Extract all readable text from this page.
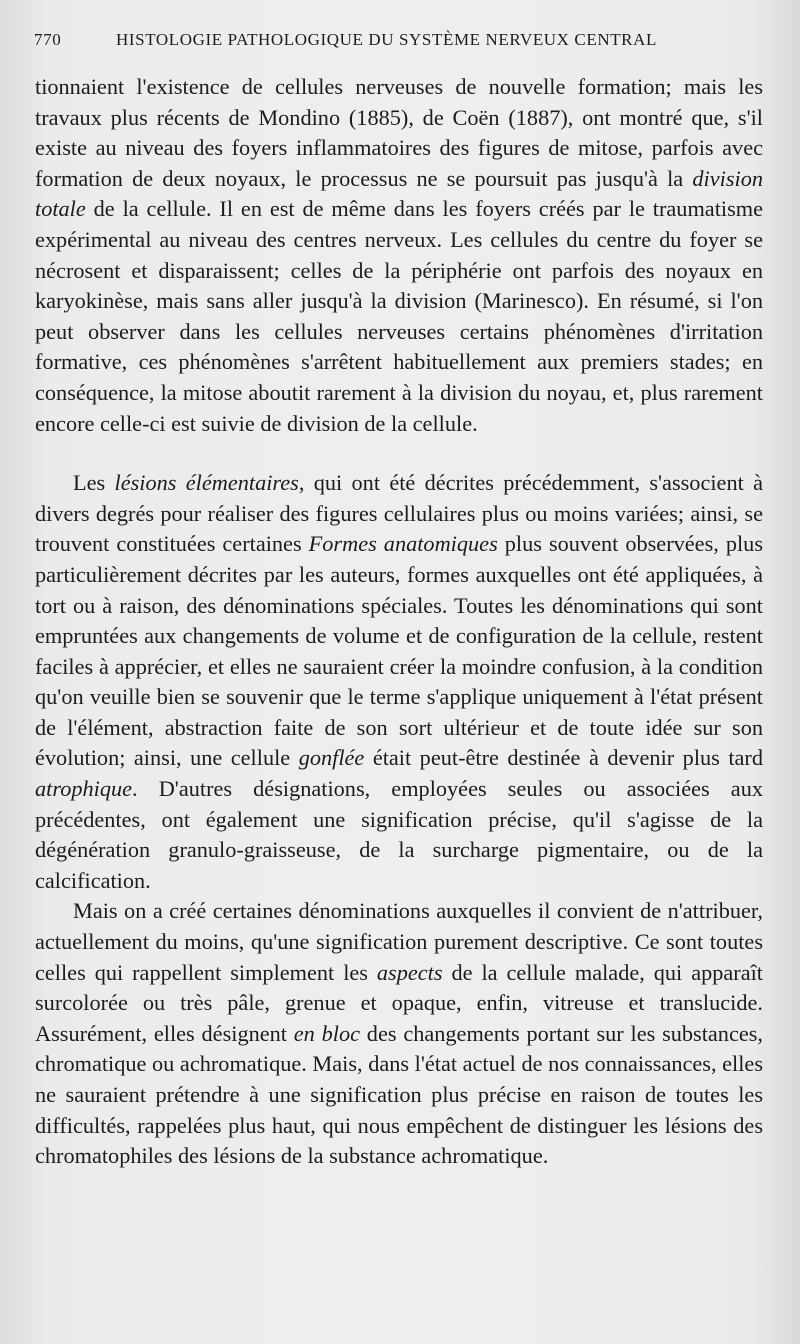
770	HISTOLOGIE PATHOLOGIQUE DU SYSTÈME NERVEUX CENTRAL

tionnaient l'existence de cellules nerveuses de nouvelle formation; mais les travaux plus récents de Mondino (1885), de Coën (1887), ont montré que, s'il existe au niveau des foyers inflammatoires des figures de mitose, parfois avec formation de deux noyaux, le processus ne se poursuit pas jusqu'à la division totale de la cellule. Il en est de même dans les foyers créés par le traumatisme expérimental au niveau des centres nerveux. Les cellules du centre du foyer se nécrosent et disparaissent; celles de la périphérie ont parfois des noyaux en karyokinèse, mais sans aller jusqu'à la division (Marinesco). En résumé, si l'on peut observer dans les cellules nerveuses certains phénomènes d'irritation formative, ces phénomènes s'arrêtent habituellement aux premiers stades; en conséquence, la mitose aboutit rarement à la division du noyau, et, plus rarement encore celle-ci est suivie de division de la cellule.

Les lésions élémentaires, qui ont été décrites précédemment, s'associent à divers degrés pour réaliser des figures cellulaires plus ou moins variées; ainsi, se trouvent constituées certaines Formes anatomiques plus souvent observées, plus particulièrement décrites par les auteurs, formes auxquelles ont été appliquées, à tort ou à raison, des dénominations spéciales. Toutes les dénominations qui sont empruntées aux changements de volume et de configuration de la cellule, restent faciles à apprécier, et elles ne sauraient créer la moindre confusion, à la condition qu'on veuille bien se souvenir que le terme s'applique uniquement à l'état présent de l'élément, abstraction faite de son sort ultérieur et de toute idée sur son évolution; ainsi, une cellule gonflée était peut-être destinée à devenir plus tard atrophique. D'autres désignations, employées seules ou associées aux précédentes, ont également une signification précise, qu'il s'agisse de la dégénération granulo-graisseuse, de la surcharge pigmentaire, ou de la calcification.

Mais on a créé certaines dénominations auxquelles il convient de n'attribuer, actuellement du moins, qu'une signification purement descriptive. Ce sont toutes celles qui rappellent simplement les aspects de la cellule malade, qui apparaît surcolorée ou très pâle, grenue et opaque, enfin, vitreuse et translucide. Assurément, elles désignent en bloc des changements portant sur les substances, chromatique ou achromatique. Mais, dans l'état actuel de nos connaissances, elles ne sauraient prétendre à une signification plus précise en raison de toutes les difficultés, rappelées plus haut, qui nous empêchent de distinguer les lésions des chromatophiles des lésions de la substance achromatique.
